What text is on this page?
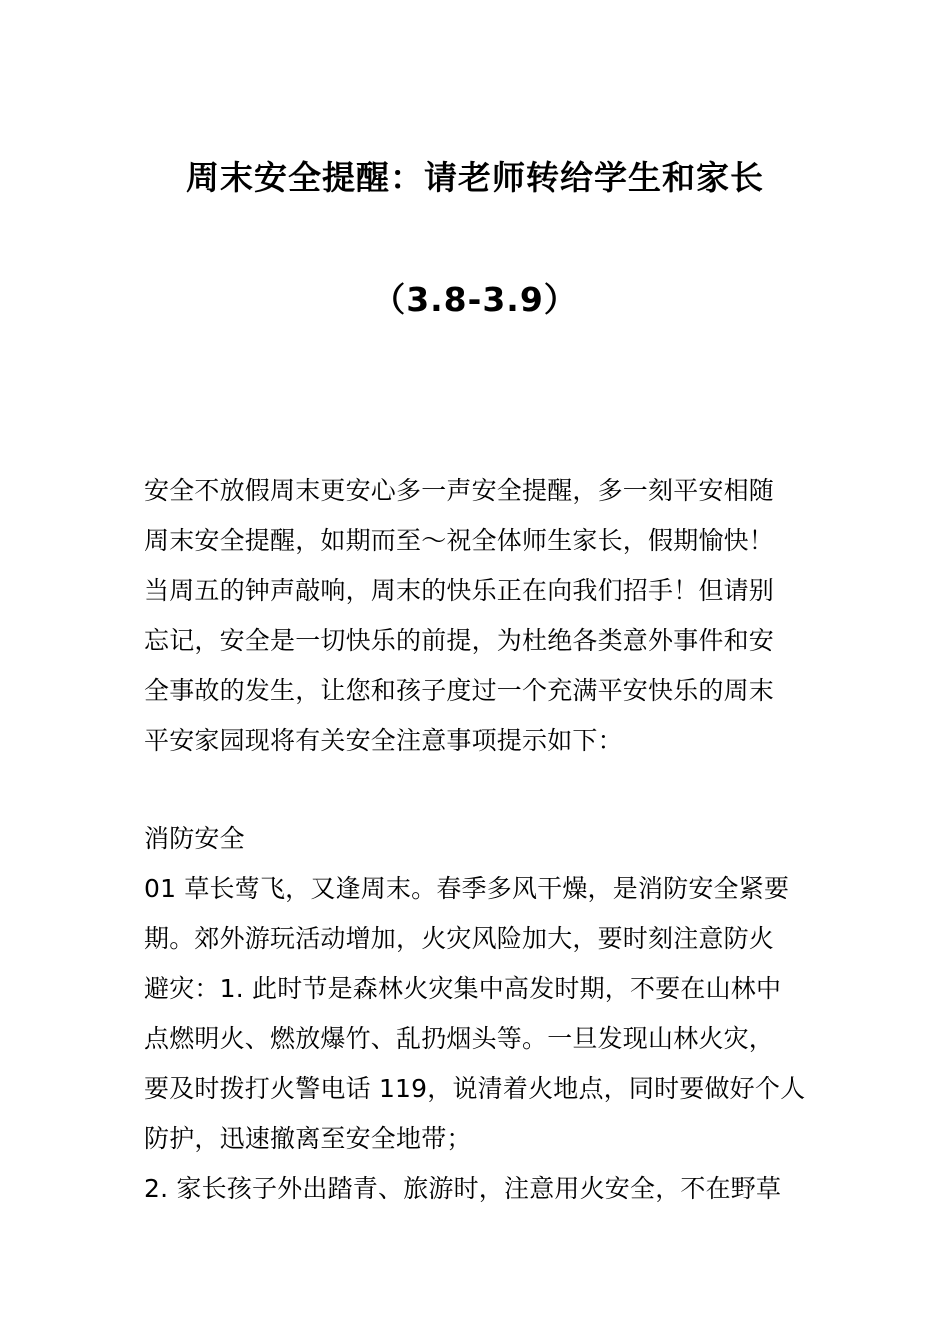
周末安全提醒：请老师转给学生和家长
（3.8-3.9）

安全不放假周末更安心多一声安全提醒，多一刻平安相随

周末安全提醒，如期而至～祝全体师生家长，假期愉快！

当周五的钟声敲响，周末的快乐正在向我们招手！但请别

忘记，安全是一切快乐的前提，为杜绝各类意外事件和安

全事故的发生，让您和孩子度过一个充满平安快乐的周末

平安家园现将有关安全注意事项提示如下：

消防安全

01 草长莺飞，又逢周末。春季多风干燥，是消防安全紧要

期。郊外游玩活动增加，火灾风险加大，要时刻注意防火

避灾：1. 此时节是森林火灾集中高发时期，不要在山林中

点燃明火、燃放爆竹、乱扔烟头等。一旦发现山林火灾，

要及时拨打火警电话 119，说清着火地点，同时要做好个人

防护，迅速撤离至安全地带；

2. 家长孩子外出踏青、旅游时，注意用火安全，不在野草
